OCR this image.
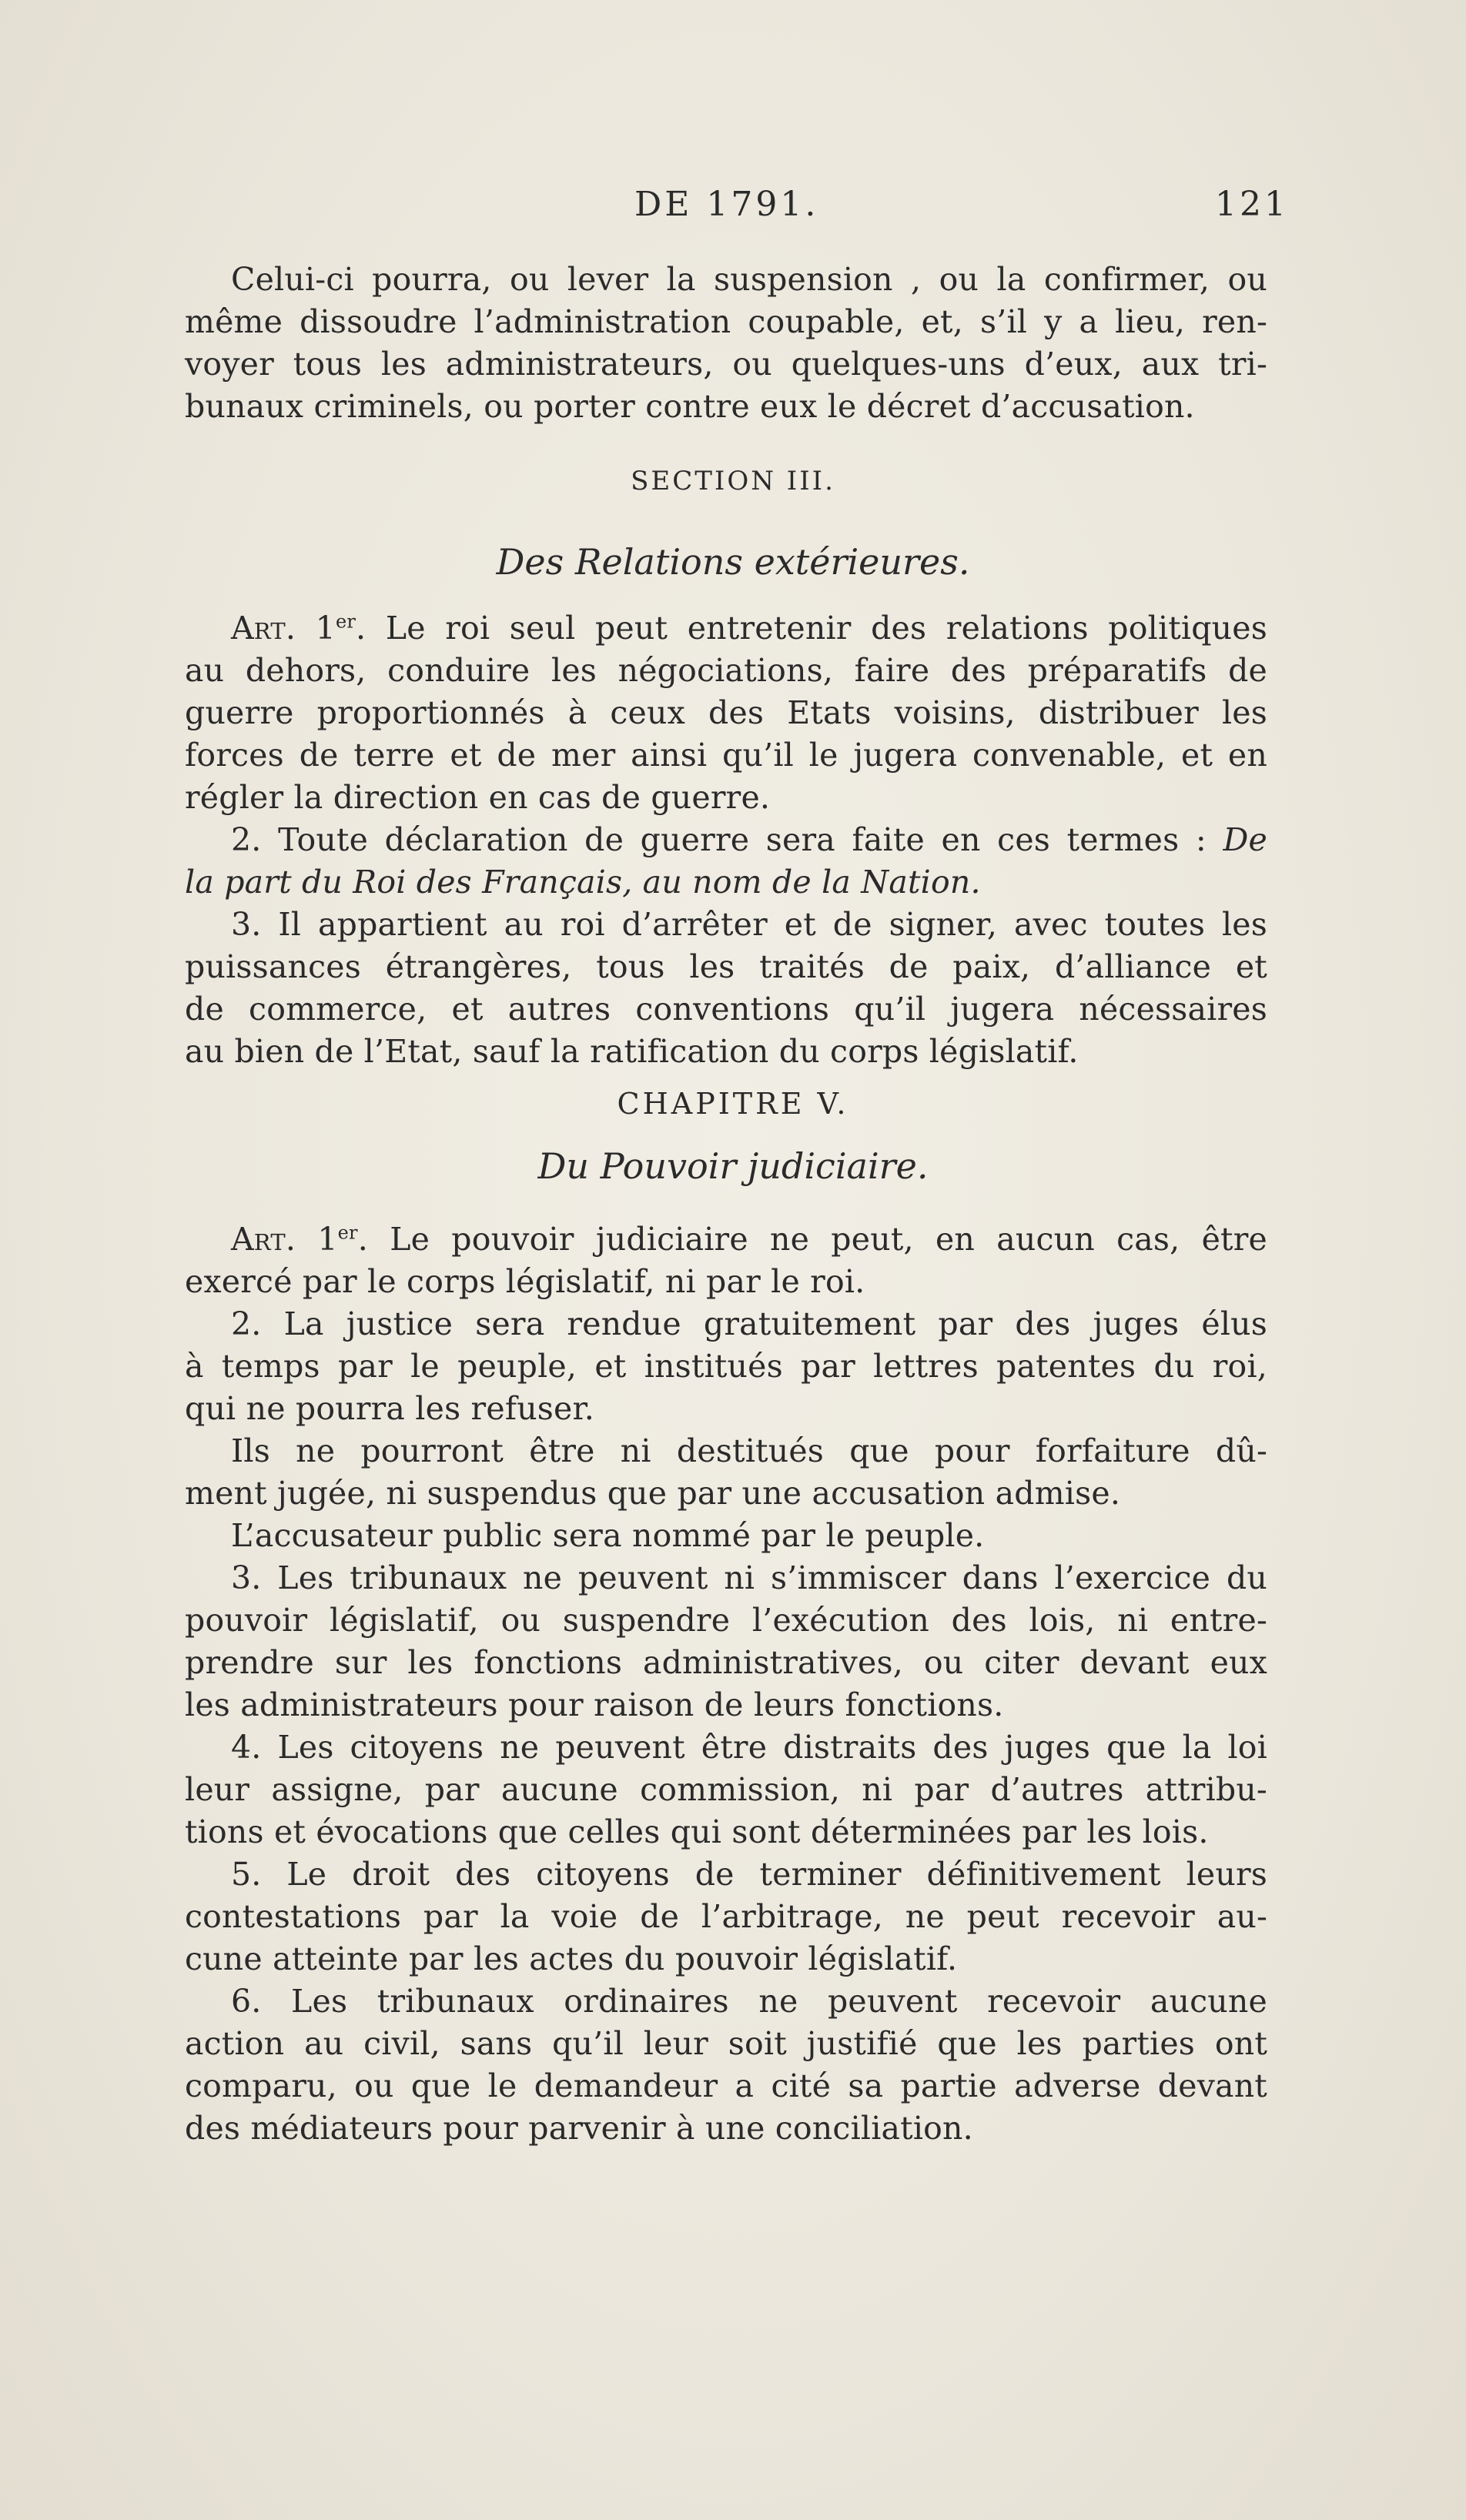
DE 1791.	121
Celui-ci pourra, ou lever la suspension , ou la confirmer, ou
même dissoudre l’administration coupable, et, s’il y a lieu, ren-
voyer tous les administrateurs, ou quelques-uns d’eux, aux tri-
bunaux criminels, ou porter contre eux le décret d’accusation.
SECTION III.
Des Relations extérieures.
Art. 1er. Le roi seul peut entretenir des relations politiques
au dehors, conduire les négociations, faire des préparatifs de
guerre proportionnés à ceux des Etats voisins, distribuer les
forces de terre et de mer ainsi qu’il le jugera convenable, et en
régler la direction en cas de guerre.
2. Toute déclaration de guerre sera faite en ces termes : De
la part du Roi des Français, au nom de la Nation.
3. Il appartient au roi d’arrêter et de signer, avec toutes les
puissances étrangères, tous les traités de paix, d’alliance et
de commerce, et autres conventions qu’il jugera nécessaires
au bien de l’Etat, sauf la ratification du corps législatif.
CHAPITRE V.
Du Pouvoir judiciaire.
Art. 1er. Le pouvoir judiciaire ne peut, en aucun cas, être
exercé par le corps législatif, ni par le roi.
2. La justice sera rendue gratuitement par des juges élus
à temps par le peuple, et institués par lettres patentes du roi,
qui ne pourra les refuser.
Ils ne pourront être ni destitués que pour forfaiture dû-
ment jugée, ni suspendus que par une accusation admise.
L’accusateur public sera nommé par le peuple.
3. Les tribunaux ne peuvent ni s’immiscer dans l’exercice du
pouvoir législatif, ou suspendre l’exécution des lois, ni entre-
prendre sur les fonctions administratives, ou citer devant eux
les administrateurs pour raison de leurs fonctions.
4. Les citoyens ne peuvent être distraits des juges que la loi
leur assigne, par aucune commission, ni par d’autres attribu-
tions et évocations que celles qui sont déterminées par les lois.
5. Le droit des citoyens de terminer définitivement leurs
contestations par la voie de l’arbitrage, ne peut recevoir au-
cune atteinte par les actes du pouvoir législatif.
6. Les tribunaux ordinaires ne peuvent recevoir aucune
action au civil, sans qu’il leur soit justifié que les parties ont
comparu, ou que le demandeur a cité sa partie adverse devant
des médiateurs pour parvenir à une conciliation.
